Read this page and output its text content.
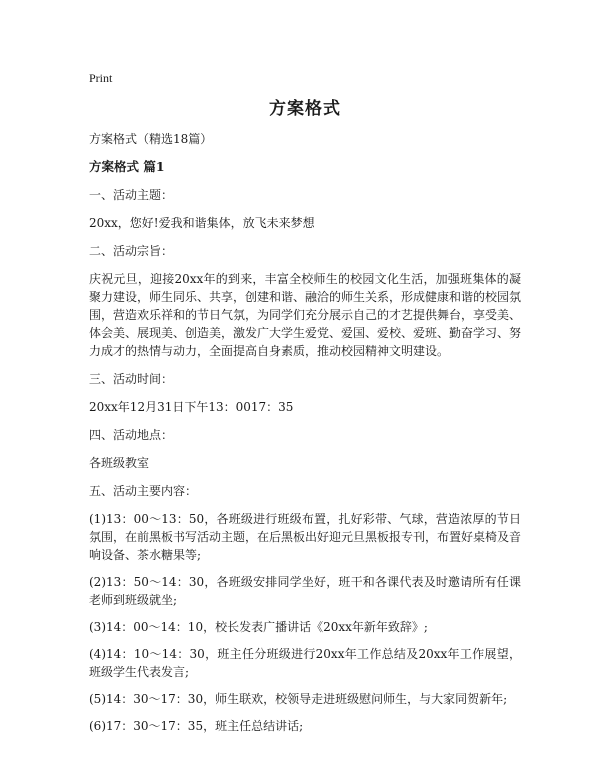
Print
方案格式

方案格式（精选18篇）

方案格式 篇1

一、活动主题：

20xx，您好!爱我和谐集体，放飞未来梦想

二、活动宗旨：

庆祝元旦，迎接20xx年的到来，丰富全校师生的校园文化生活，加强班集体的凝聚力建设，师生同乐、共享，创建和谐、融洽的师生关系，形成健康和谐的校园氛围，营造欢乐祥和的节日气氛，为同学们充分展示自己的才艺提供舞台，享受美、体会美、展现美、创造美，激发广大学生爱党、爱国、爱校、爱班、勤奋学习、努力成才的热情与动力，全面提高自身素质，推动校园精神文明建设。

三、活动时间：

20xx年12月31日下午13：0017：35

四、活动地点：

各班级教室

五、活动主要内容：

(1)13：00～13：50，各班级进行班级布置，扎好彩带、气球，营造浓厚的节日氛围，在前黑板书写活动主题，在后黑板出好迎元旦黑板报专刊，布置好桌椅及音响设备、茶水糖果等;

(2)13：50～14：30，各班级安排同学坐好，班干和各课代表及时邀请所有任课老师到班级就坐;

(3)14：00～14：10，校长发表广播讲话《20xx年新年致辞》;

(4)14：10～14：30，班主任分班级进行20xx年工作总结及20xx年工作展望，班级学生代表发言;

(5)14：30～17：30，师生联欢，校领导走进班级慰问师生，与大家同贺新年;

(6)17：30～17：35，班主任总结讲话;
